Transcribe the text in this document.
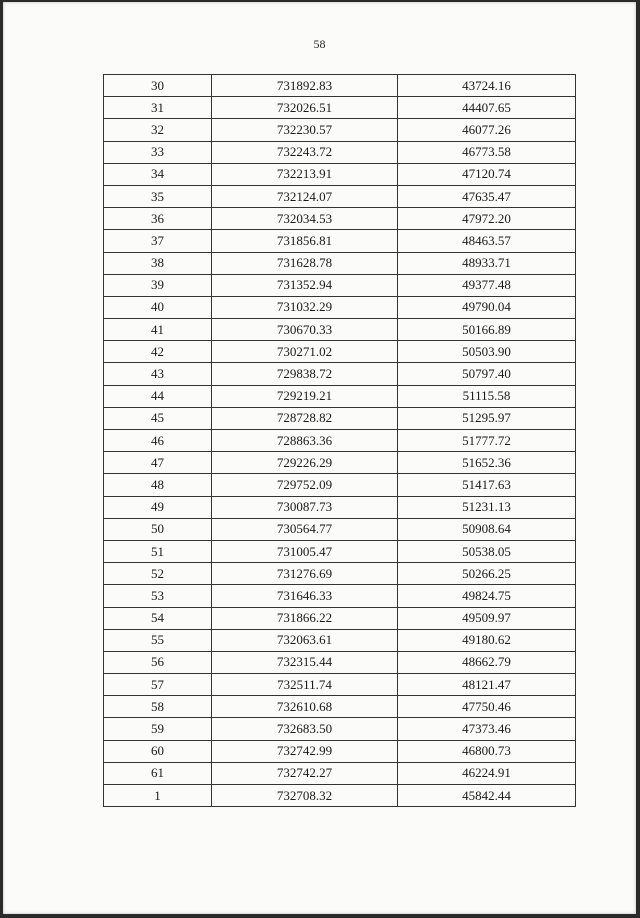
58
30	731892.83	43724.16
31	732026.51	44407.65
32	732230.57	46077.26
33	732243.72	46773.58
34	732213.91	47120.74
35	732124.07	47635.47
36	732034.53	47972.20
37	731856.81	48463.57
38	731628.78	48933.71
39	731352.94	49377.48
40	731032.29	49790.04
41	730670.33	50166.89
42	730271.02	50503.90
43	729838.72	50797.40
44	729219.21	51115.58
45	728728.82	51295.97
46	728863.36	51777.72
47	729226.29	51652.36
48	729752.09	51417.63
49	730087.73	51231.13
50	730564.77	50908.64
51	731005.47	50538.05
52	731276.69	50266.25
53	731646.33	49824.75
54	731866.22	49509.97
55	732063.61	49180.62
56	732315.44	48662.79
57	732511.74	48121.47
58	732610.68	47750.46
59	732683.50	47373.46
60	732742.99	46800.73
61	732742.27	46224.91
1	732708.32	45842.44
